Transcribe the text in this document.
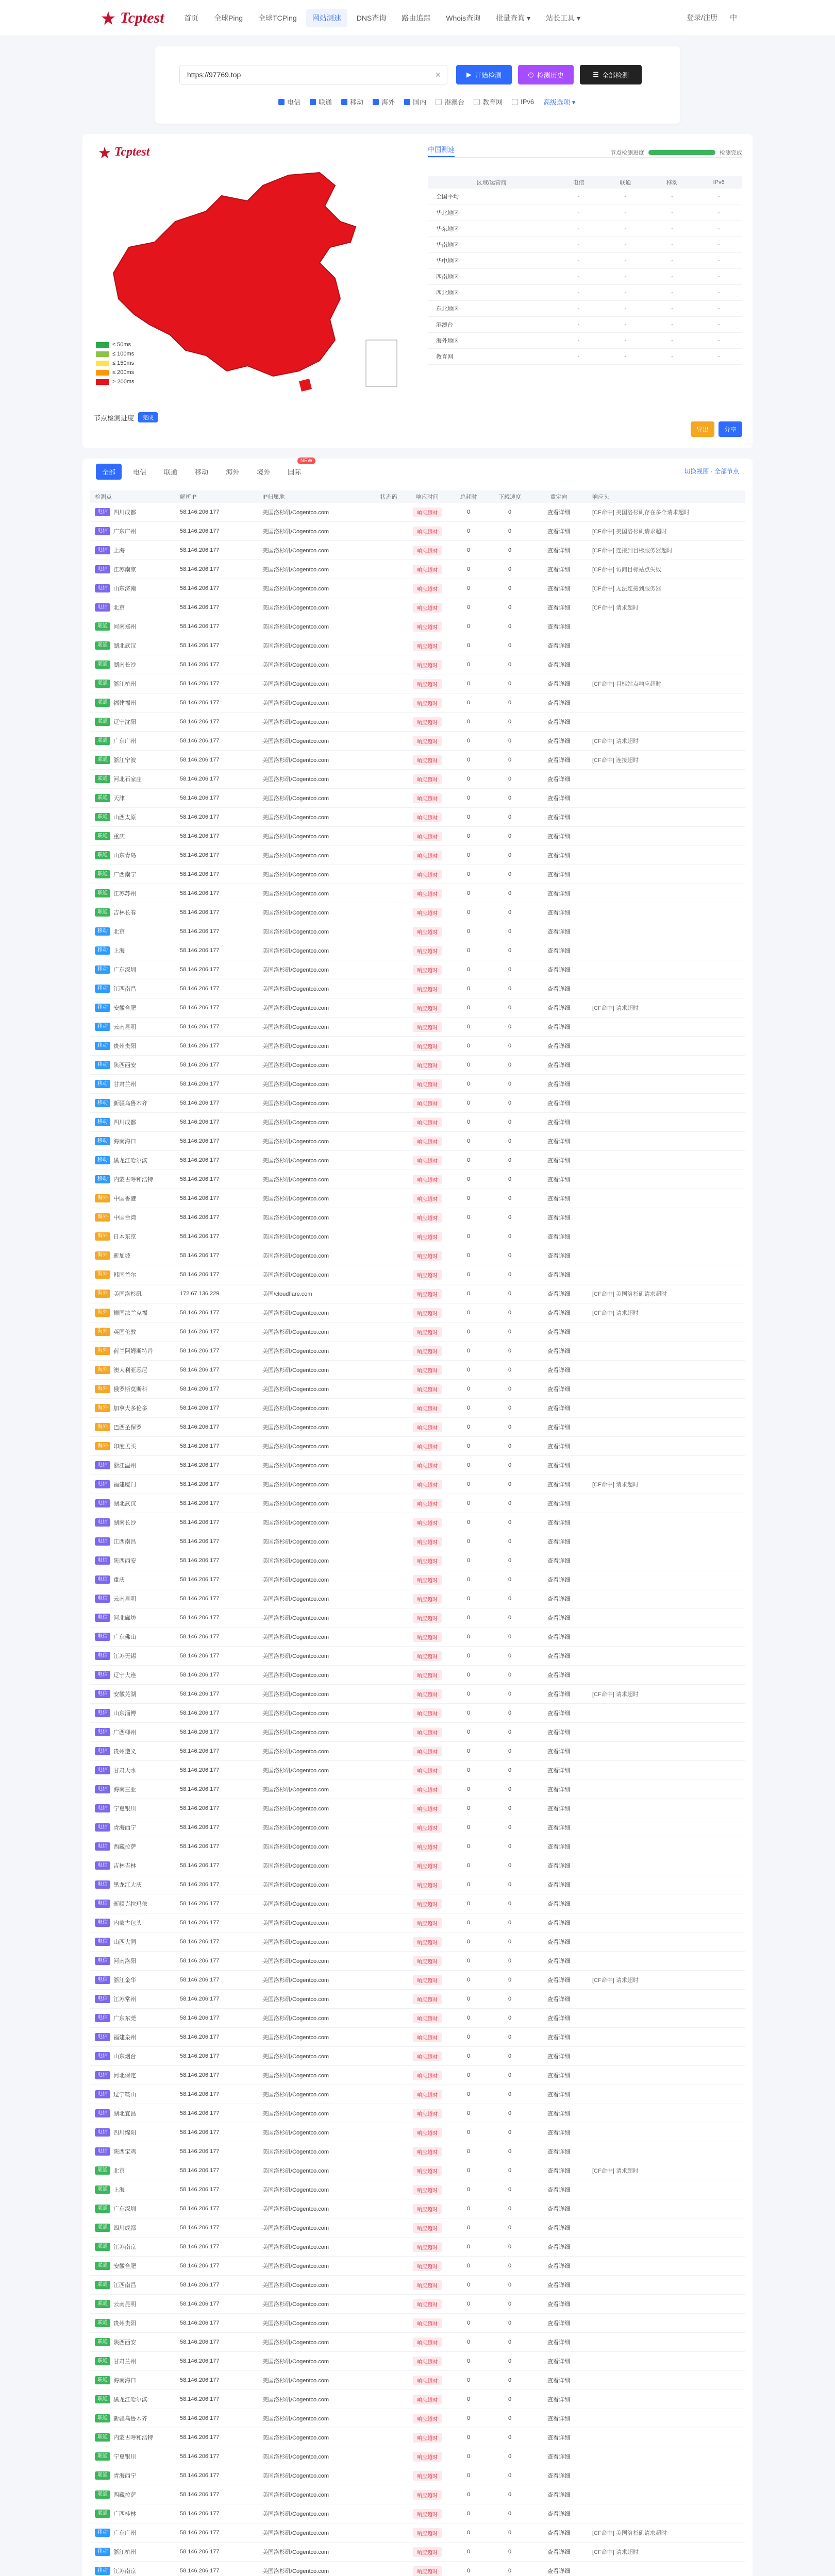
Tcptest	首页	全球Ping	全球TCPing	网站测速	DNS查询	路由追踪	Whois查询	批量查询 ▾	站长工具 ▾	登录/注册 中
https://97769.top	×	▶ 开始检测	◷ 检测历史	☰ 全部检测
电信	联通	移动	海外	国内	港澳台	教育网	IPv6 高级选项 ▾
Tcptest
≤ 50ms
≤ 100ms
≤ 150ms
≤ 200ms
> 200ms
节点检测进度	完成
中国测速	节点检测进度	检测完成
区域/运营商	电信	联通	移动	IPv6
全国平均	-	-	-	-
华北地区	-	-	-	-
华东地区	-	-	-	-
华南地区	-	-	-	-
华中地区	-	-	-	-
西南地区	-	-	-	-
西北地区	-	-	-	-
东北地区	-	-	-	-
港澳台	-	-	-	-
海外地区	-	-	-	-
教育网	-	-	-	-
导出	分享
全部	电信	联通	移动	海外	境外	国际
NEW
切换视图 · 全部节点
检测点	解析IP	IP归属地	状态码	响应时间	总耗时	下载速度	重定向	响应头
电信	四川成都	58.146.206.177	美国洛杉矶/Cogentco.com	响应超时	0	0	查看详细	[CF命中] 美国洛杉矶存在多个请求超时
电信	广东广州	58.146.206.177	美国洛杉矶/Cogentco.com	响应超时	0	0	查看详细	[CF命中] 美国洛杉矶请求超时
电信	上海	58.146.206.177	美国洛杉矶/Cogentco.com	响应超时	0	0	查看详细	[CF命中] 连接到目标服务器超时
电信	江苏南京	58.146.206.177	美国洛杉矶/Cogentco.com	响应超时	0	0	查看详细	[CF命中] 访问目标站点失败
电信	山东济南	58.146.206.177	美国洛杉矶/Cogentco.com	响应超时	0	0	查看详细	[CF命中] 无法连接到服务器
电信	北京	58.146.206.177	美国洛杉矶/Cogentco.com	响应超时	0	0	查看详细	[CF命中] 请求超时
联通	河南郑州	58.146.206.177	美国洛杉矶/Cogentco.com	响应超时	0	0	查看详细
联通	湖北武汉	58.146.206.177	美国洛杉矶/Cogentco.com	响应超时	0	0	查看详细
联通	湖南长沙	58.146.206.177	美国洛杉矶/Cogentco.com	响应超时	0	0	查看详细
联通	浙江杭州	58.146.206.177	美国洛杉矶/Cogentco.com	响应超时	0	0	查看详细	[CF命中] 目标站点响应超时
联通	福建福州	58.146.206.177	美国洛杉矶/Cogentco.com	响应超时	0	0	查看详细
联通	辽宁沈阳	58.146.206.177	美国洛杉矶/Cogentco.com	响应超时	0	0	查看详细
联通	广东广州	58.146.206.177	美国洛杉矶/Cogentco.com	响应超时	0	0	查看详细	[CF命中] 请求超时
联通	浙江宁波	58.146.206.177	美国洛杉矶/Cogentco.com	响应超时	0	0	查看详细	[CF命中] 连接超时
联通	河北石家庄	58.146.206.177	美国洛杉矶/Cogentco.com	响应超时	0	0	查看详细
联通	天津	58.146.206.177	美国洛杉矶/Cogentco.com	响应超时	0	0	查看详细
联通	山西太原	58.146.206.177	美国洛杉矶/Cogentco.com	响应超时	0	0	查看详细
联通	重庆	58.146.206.177	美国洛杉矶/Cogentco.com	响应超时	0	0	查看详细
联通	山东青岛	58.146.206.177	美国洛杉矶/Cogentco.com	响应超时	0	0	查看详细
联通	广西南宁	58.146.206.177	美国洛杉矶/Cogentco.com	响应超时	0	0	查看详细
联通	江苏苏州	58.146.206.177	美国洛杉矶/Cogentco.com	响应超时	0	0	查看详细
联通	吉林长春	58.146.206.177	美国洛杉矶/Cogentco.com	响应超时	0	0	查看详细
移动	北京	58.146.206.177	美国洛杉矶/Cogentco.com	响应超时	0	0	查看详细
移动	上海	58.146.206.177	美国洛杉矶/Cogentco.com	响应超时	0	0	查看详细
移动	广东深圳	58.146.206.177	美国洛杉矶/Cogentco.com	响应超时	0	0	查看详细
移动	江西南昌	58.146.206.177	美国洛杉矶/Cogentco.com	响应超时	0	0	查看详细
移动	安徽合肥	58.146.206.177	美国洛杉矶/Cogentco.com	响应超时	0	0	查看详细	[CF命中] 请求超时
移动	云南昆明	58.146.206.177	美国洛杉矶/Cogentco.com	响应超时	0	0	查看详细
移动	贵州贵阳	58.146.206.177	美国洛杉矶/Cogentco.com	响应超时	0	0	查看详细
移动	陕西西安	58.146.206.177	美国洛杉矶/Cogentco.com	响应超时	0	0	查看详细
移动	甘肃兰州	58.146.206.177	美国洛杉矶/Cogentco.com	响应超时	0	0	查看详细
移动	新疆乌鲁木齐	58.146.206.177	美国洛杉矶/Cogentco.com	响应超时	0	0	查看详细
移动	四川成都	58.146.206.177	美国洛杉矶/Cogentco.com	响应超时	0	0	查看详细
移动	海南海口	58.146.206.177	美国洛杉矶/Cogentco.com	响应超时	0	0	查看详细
移动	黑龙江哈尔滨	58.146.206.177	美国洛杉矶/Cogentco.com	响应超时	0	0	查看详细
移动	内蒙古呼和浩特	58.146.206.177	美国洛杉矶/Cogentco.com	响应超时	0	0	查看详细
海外	中国香港	58.146.206.177	美国洛杉矶/Cogentco.com	响应超时	0	0	查看详细
海外	中国台湾	58.146.206.177	美国洛杉矶/Cogentco.com	响应超时	0	0	查看详细
海外	日本东京	58.146.206.177	美国洛杉矶/Cogentco.com	响应超时	0	0	查看详细
海外	新加坡	58.146.206.177	美国洛杉矶/Cogentco.com	响应超时	0	0	查看详细
海外	韩国首尔	58.146.206.177	美国洛杉矶/Cogentco.com	响应超时	0	0	查看详细
海外	美国洛杉矶	172.67.136.229	美国/cloudflare.com	响应超时	0	0	查看详细	[CF命中] 美国洛杉矶请求超时
海外	德国法兰克福	58.146.206.177	美国洛杉矶/Cogentco.com	响应超时	0	0	查看详细	[CF命中] 请求超时
海外	英国伦敦	58.146.206.177	美国洛杉矶/Cogentco.com	响应超时	0	0	查看详细
海外	荷兰阿姆斯特丹	58.146.206.177	美国洛杉矶/Cogentco.com	响应超时	0	0	查看详细
海外	澳大利亚悉尼	58.146.206.177	美国洛杉矶/Cogentco.com	响应超时	0	0	查看详细
海外	俄罗斯莫斯科	58.146.206.177	美国洛杉矶/Cogentco.com	响应超时	0	0	查看详细
海外	加拿大多伦多	58.146.206.177	美国洛杉矶/Cogentco.com	响应超时	0	0	查看详细
海外	巴西圣保罗	58.146.206.177	美国洛杉矶/Cogentco.com	响应超时	0	0	查看详细
海外	印度孟买	58.146.206.177	美国洛杉矶/Cogentco.com	响应超时	0	0	查看详细
电信	浙江温州	58.146.206.177	美国洛杉矶/Cogentco.com	响应超时	0	0	查看详细
电信	福建厦门	58.146.206.177	美国洛杉矶/Cogentco.com	响应超时	0	0	查看详细	[CF命中] 请求超时
电信	湖北武汉	58.146.206.177	美国洛杉矶/Cogentco.com	响应超时	0	0	查看详细
电信	湖南长沙	58.146.206.177	美国洛杉矶/Cogentco.com	响应超时	0	0	查看详细
电信	江西南昌	58.146.206.177	美国洛杉矶/Cogentco.com	响应超时	0	0	查看详细
电信	陕西西安	58.146.206.177	美国洛杉矶/Cogentco.com	响应超时	0	0	查看详细
电信	重庆	58.146.206.177	美国洛杉矶/Cogentco.com	响应超时	0	0	查看详细
电信	云南昆明	58.146.206.177	美国洛杉矶/Cogentco.com	响应超时	0	0	查看详细
电信	河北廊坊	58.146.206.177	美国洛杉矶/Cogentco.com	响应超时	0	0	查看详细
电信	广东佛山	58.146.206.177	美国洛杉矶/Cogentco.com	响应超时	0	0	查看详细
电信	江苏无锡	58.146.206.177	美国洛杉矶/Cogentco.com	响应超时	0	0	查看详细
电信	辽宁大连	58.146.206.177	美国洛杉矶/Cogentco.com	响应超时	0	0	查看详细
电信	安徽芜湖	58.146.206.177	美国洛杉矶/Cogentco.com	响应超时	0	0	查看详细	[CF命中] 请求超时
电信	山东淄博	58.146.206.177	美国洛杉矶/Cogentco.com	响应超时	0	0	查看详细
电信	广西柳州	58.146.206.177	美国洛杉矶/Cogentco.com	响应超时	0	0	查看详细
电信	贵州遵义	58.146.206.177	美国洛杉矶/Cogentco.com	响应超时	0	0	查看详细
电信	甘肃天水	58.146.206.177	美国洛杉矶/Cogentco.com	响应超时	0	0	查看详细
电信	海南三亚	58.146.206.177	美国洛杉矶/Cogentco.com	响应超时	0	0	查看详细
电信	宁夏银川	58.146.206.177	美国洛杉矶/Cogentco.com	响应超时	0	0	查看详细
电信	青海西宁	58.146.206.177	美国洛杉矶/Cogentco.com	响应超时	0	0	查看详细
电信	西藏拉萨	58.146.206.177	美国洛杉矶/Cogentco.com	响应超时	0	0	查看详细
电信	吉林吉林	58.146.206.177	美国洛杉矶/Cogentco.com	响应超时	0	0	查看详细
电信	黑龙江大庆	58.146.206.177	美国洛杉矶/Cogentco.com	响应超时	0	0	查看详细
电信	新疆克拉玛依	58.146.206.177	美国洛杉矶/Cogentco.com	响应超时	0	0	查看详细
电信	内蒙古包头	58.146.206.177	美国洛杉矶/Cogentco.com	响应超时	0	0	查看详细
电信	山西大同	58.146.206.177	美国洛杉矶/Cogentco.com	响应超时	0	0	查看详细
电信	河南洛阳	58.146.206.177	美国洛杉矶/Cogentco.com	响应超时	0	0	查看详细
电信	浙江金华	58.146.206.177	美国洛杉矶/Cogentco.com	响应超时	0	0	查看详细	[CF命中] 请求超时
电信	江苏常州	58.146.206.177	美国洛杉矶/Cogentco.com	响应超时	0	0	查看详细
电信	广东东莞	58.146.206.177	美国洛杉矶/Cogentco.com	响应超时	0	0	查看详细
电信	福建泉州	58.146.206.177	美国洛杉矶/Cogentco.com	响应超时	0	0	查看详细
电信	山东烟台	58.146.206.177	美国洛杉矶/Cogentco.com	响应超时	0	0	查看详细
电信	河北保定	58.146.206.177	美国洛杉矶/Cogentco.com	响应超时	0	0	查看详细
电信	辽宁鞍山	58.146.206.177	美国洛杉矶/Cogentco.com	响应超时	0	0	查看详细
电信	湖北宜昌	58.146.206.177	美国洛杉矶/Cogentco.com	响应超时	0	0	查看详细
电信	四川绵阳	58.146.206.177	美国洛杉矶/Cogentco.com	响应超时	0	0	查看详细
电信	陕西宝鸡	58.146.206.177	美国洛杉矶/Cogentco.com	响应超时	0	0	查看详细
联通	北京	58.146.206.177	美国洛杉矶/Cogentco.com	响应超时	0	0	查看详细	[CF命中] 请求超时
联通	上海	58.146.206.177	美国洛杉矶/Cogentco.com	响应超时	0	0	查看详细
联通	广东深圳	58.146.206.177	美国洛杉矶/Cogentco.com	响应超时	0	0	查看详细
联通	四川成都	58.146.206.177	美国洛杉矶/Cogentco.com	响应超时	0	0	查看详细
联通	江苏南京	58.146.206.177	美国洛杉矶/Cogentco.com	响应超时	0	0	查看详细
联通	安徽合肥	58.146.206.177	美国洛杉矶/Cogentco.com	响应超时	0	0	查看详细
联通	江西南昌	58.146.206.177	美国洛杉矶/Cogentco.com	响应超时	0	0	查看详细
联通	云南昆明	58.146.206.177	美国洛杉矶/Cogentco.com	响应超时	0	0	查看详细
联通	贵州贵阳	58.146.206.177	美国洛杉矶/Cogentco.com	响应超时	0	0	查看详细
联通	陕西西安	58.146.206.177	美国洛杉矶/Cogentco.com	响应超时	0	0	查看详细
联通	甘肃兰州	58.146.206.177	美国洛杉矶/Cogentco.com	响应超时	0	0	查看详细
联通	海南海口	58.146.206.177	美国洛杉矶/Cogentco.com	响应超时	0	0	查看详细
联通	黑龙江哈尔滨	58.146.206.177	美国洛杉矶/Cogentco.com	响应超时	0	0	查看详细
联通	新疆乌鲁木齐	58.146.206.177	美国洛杉矶/Cogentco.com	响应超时	0	0	查看详细
联通	内蒙古呼和浩特	58.146.206.177	美国洛杉矶/Cogentco.com	响应超时	0	0	查看详细
联通	宁夏银川	58.146.206.177	美国洛杉矶/Cogentco.com	响应超时	0	0	查看详细
联通	青海西宁	58.146.206.177	美国洛杉矶/Cogentco.com	响应超时	0	0	查看详细
联通	西藏拉萨	58.146.206.177	美国洛杉矶/Cogentco.com	响应超时	0	0	查看详细
联通	广西桂林	58.146.206.177	美国洛杉矶/Cogentco.com	响应超时	0	0	查看详细
移动	广东广州	58.146.206.177	美国洛杉矶/Cogentco.com	响应超时	0	0	查看详细	[CF命中] 美国洛杉矶请求超时
移动	浙江杭州	58.146.206.177	美国洛杉矶/Cogentco.com	响应超时	0	0	查看详细	[CF命中] 请求超时
移动	江苏南京	58.146.206.177	美国洛杉矶/Cogentco.com	响应超时	0	0	查看详细
